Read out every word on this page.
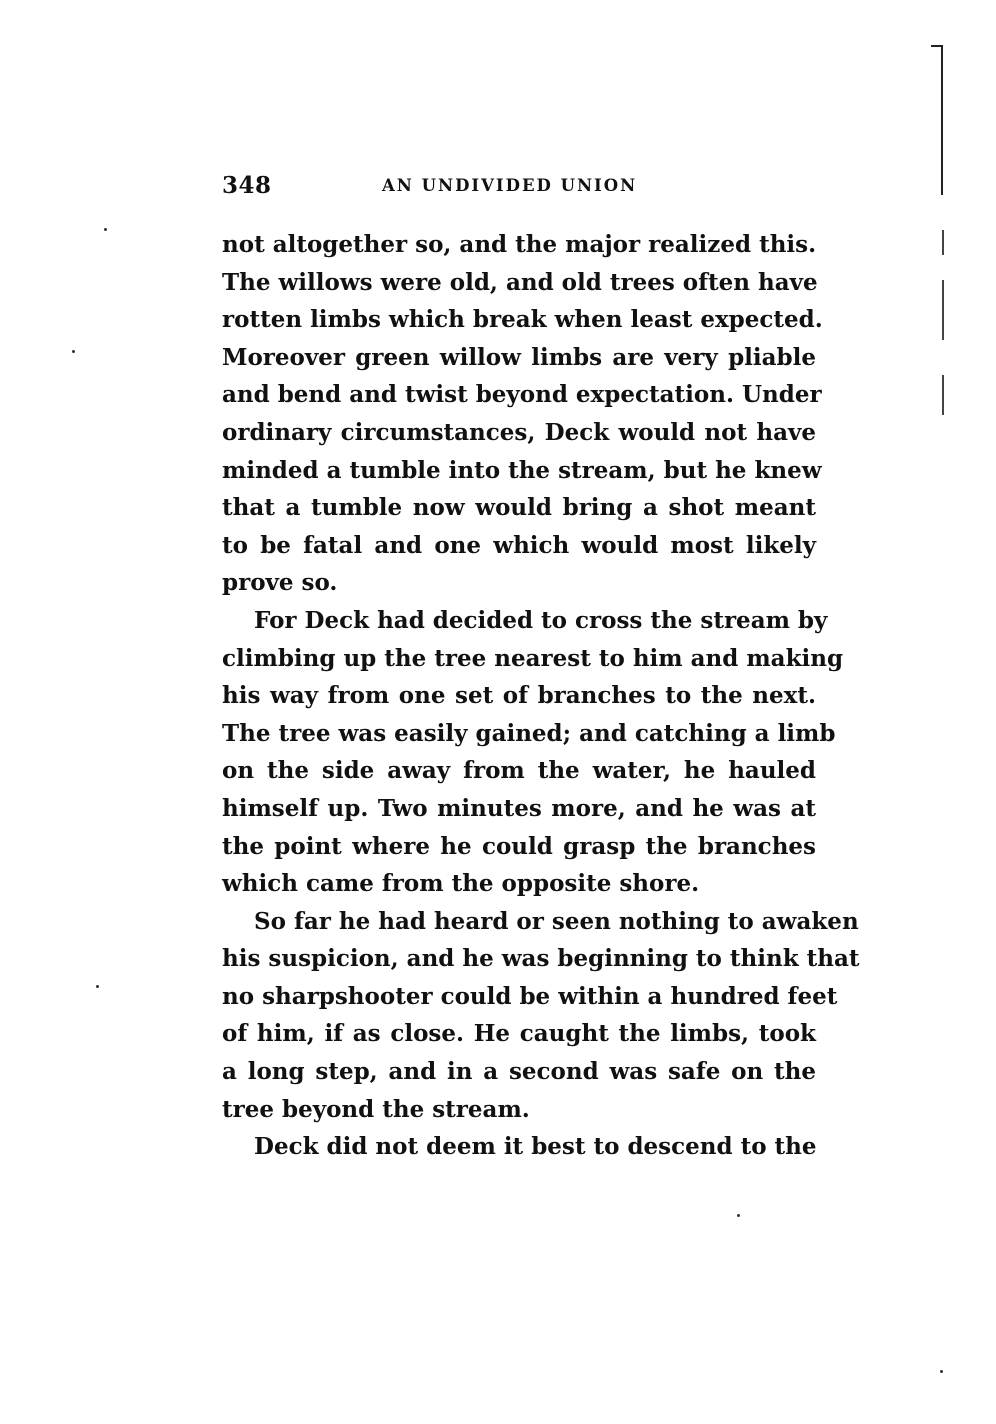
348	AN UNDIVIDED UNION
not altogether so, and the major realized this.
The willows were old, and old trees often have
rotten limbs which break when least expected.
Moreover green willow limbs are very pliable
and bend and twist beyond expectation. Under
ordinary circumstances, Deck would not have
minded a tumble into the stream, but he knew
that a tumble now would bring a shot meant
to be fatal and one which would most likely
prove so.
For Deck had decided to cross the stream by
climbing up the tree nearest to him and making
his way from one set of branches to the next.
The tree was easily gained; and catching a limb
on the side away from the water, he hauled
himself up. Two minutes more, and he was at
the point where he could grasp the branches
which came from the opposite shore.
So far he had heard or seen nothing to awaken
his suspicion, and he was beginning to think that
no sharpshooter could be within a hundred feet
of him, if as close. He caught the limbs, took
a long step, and in a second was safe on the
tree beyond the stream.
Deck did not deem it best to descend to the
